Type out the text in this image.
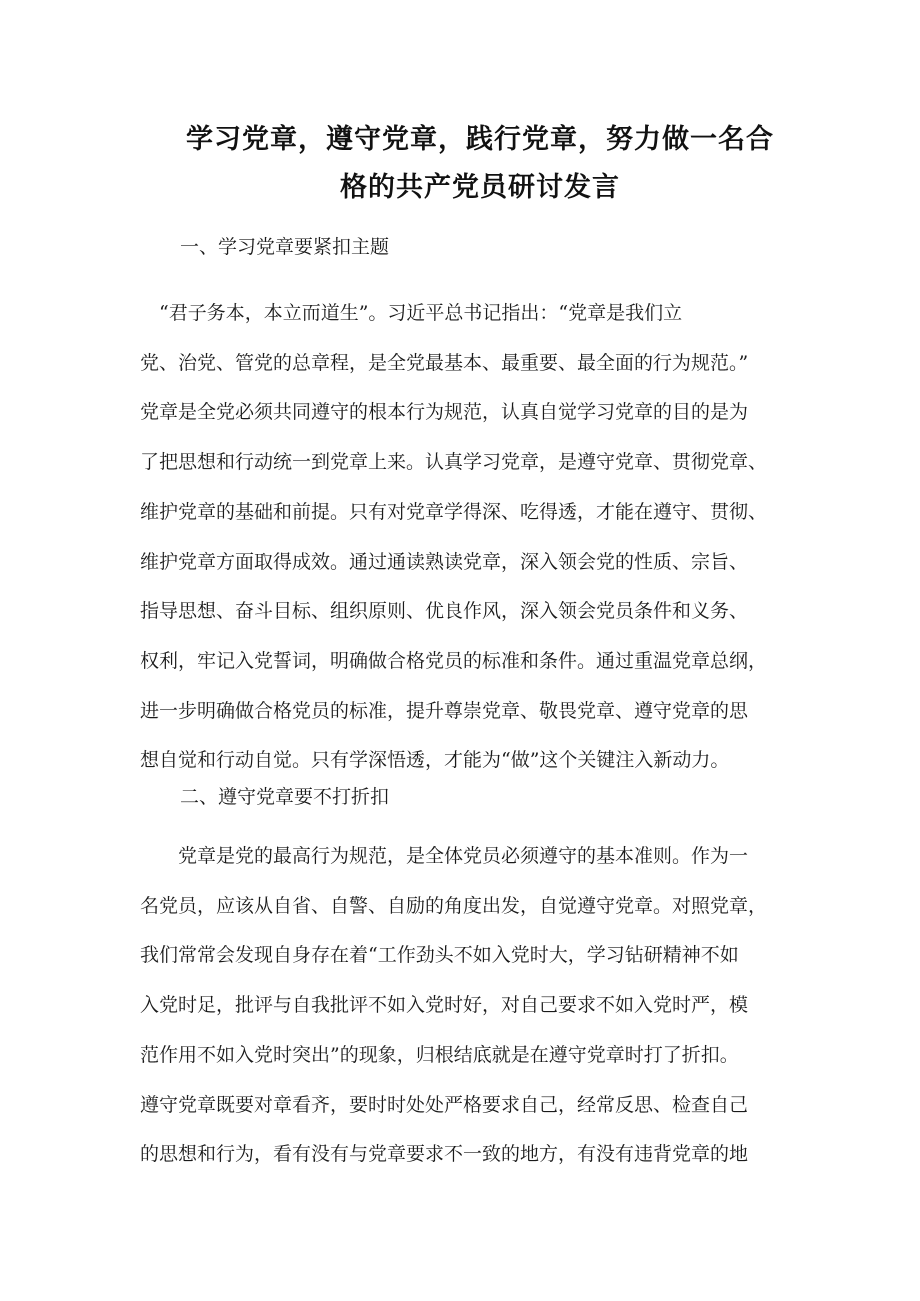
学习党章，遵守党章，践行党章，努力做一名合
格的共产党员研讨发言
一、学习党章要紧扣主题
　“君子务本，本立而道生”。习近平总书记指出：“党章是我们立
党、治党、管党的总章程，是全党最基本、最重要、最全面的行为规范。”
党章是全党必须共同遵守的根本行为规范，认真自觉学习党章的目的是为
了把思想和行动统一到党章上来。认真学习党章，是遵守党章、贯彻党章、
维护党章的基础和前提。只有对党章学得深、吃得透，才能在遵守、贯彻、
维护党章方面取得成效。通过通读熟读党章，深入领会党的性质、宗旨、
指导思想、奋斗目标、组织原则、优良作风，深入领会党员条件和义务、
权利，牢记入党誓词，明确做合格党员的标准和条件。通过重温党章总纲，
进一步明确做合格党员的标准，提升尊崇党章、敬畏党章、遵守党章的思
想自觉和行动自觉。只有学深悟透，才能为“做”这个关键注入新动力。
二、遵守党章要不打折扣
　　党章是党的最高行为规范，是全体党员必须遵守的基本准则。作为一
名党员，应该从自省、自警、自励的角度出发，自觉遵守党章。对照党章，
我们常常会发现自身存在着“工作劲头不如入党时大，学习钻研精神不如
入党时足，批评与自我批评不如入党时好，对自己要求不如入党时严，模
范作用不如入党时突出”的现象，归根结底就是在遵守党章时打了折扣。
遵守党章既要对章看齐，要时时处处严格要求自己，经常反思、检查自己
的思想和行为，看有没有与党章要求不一致的地方，有没有违背党章的地
